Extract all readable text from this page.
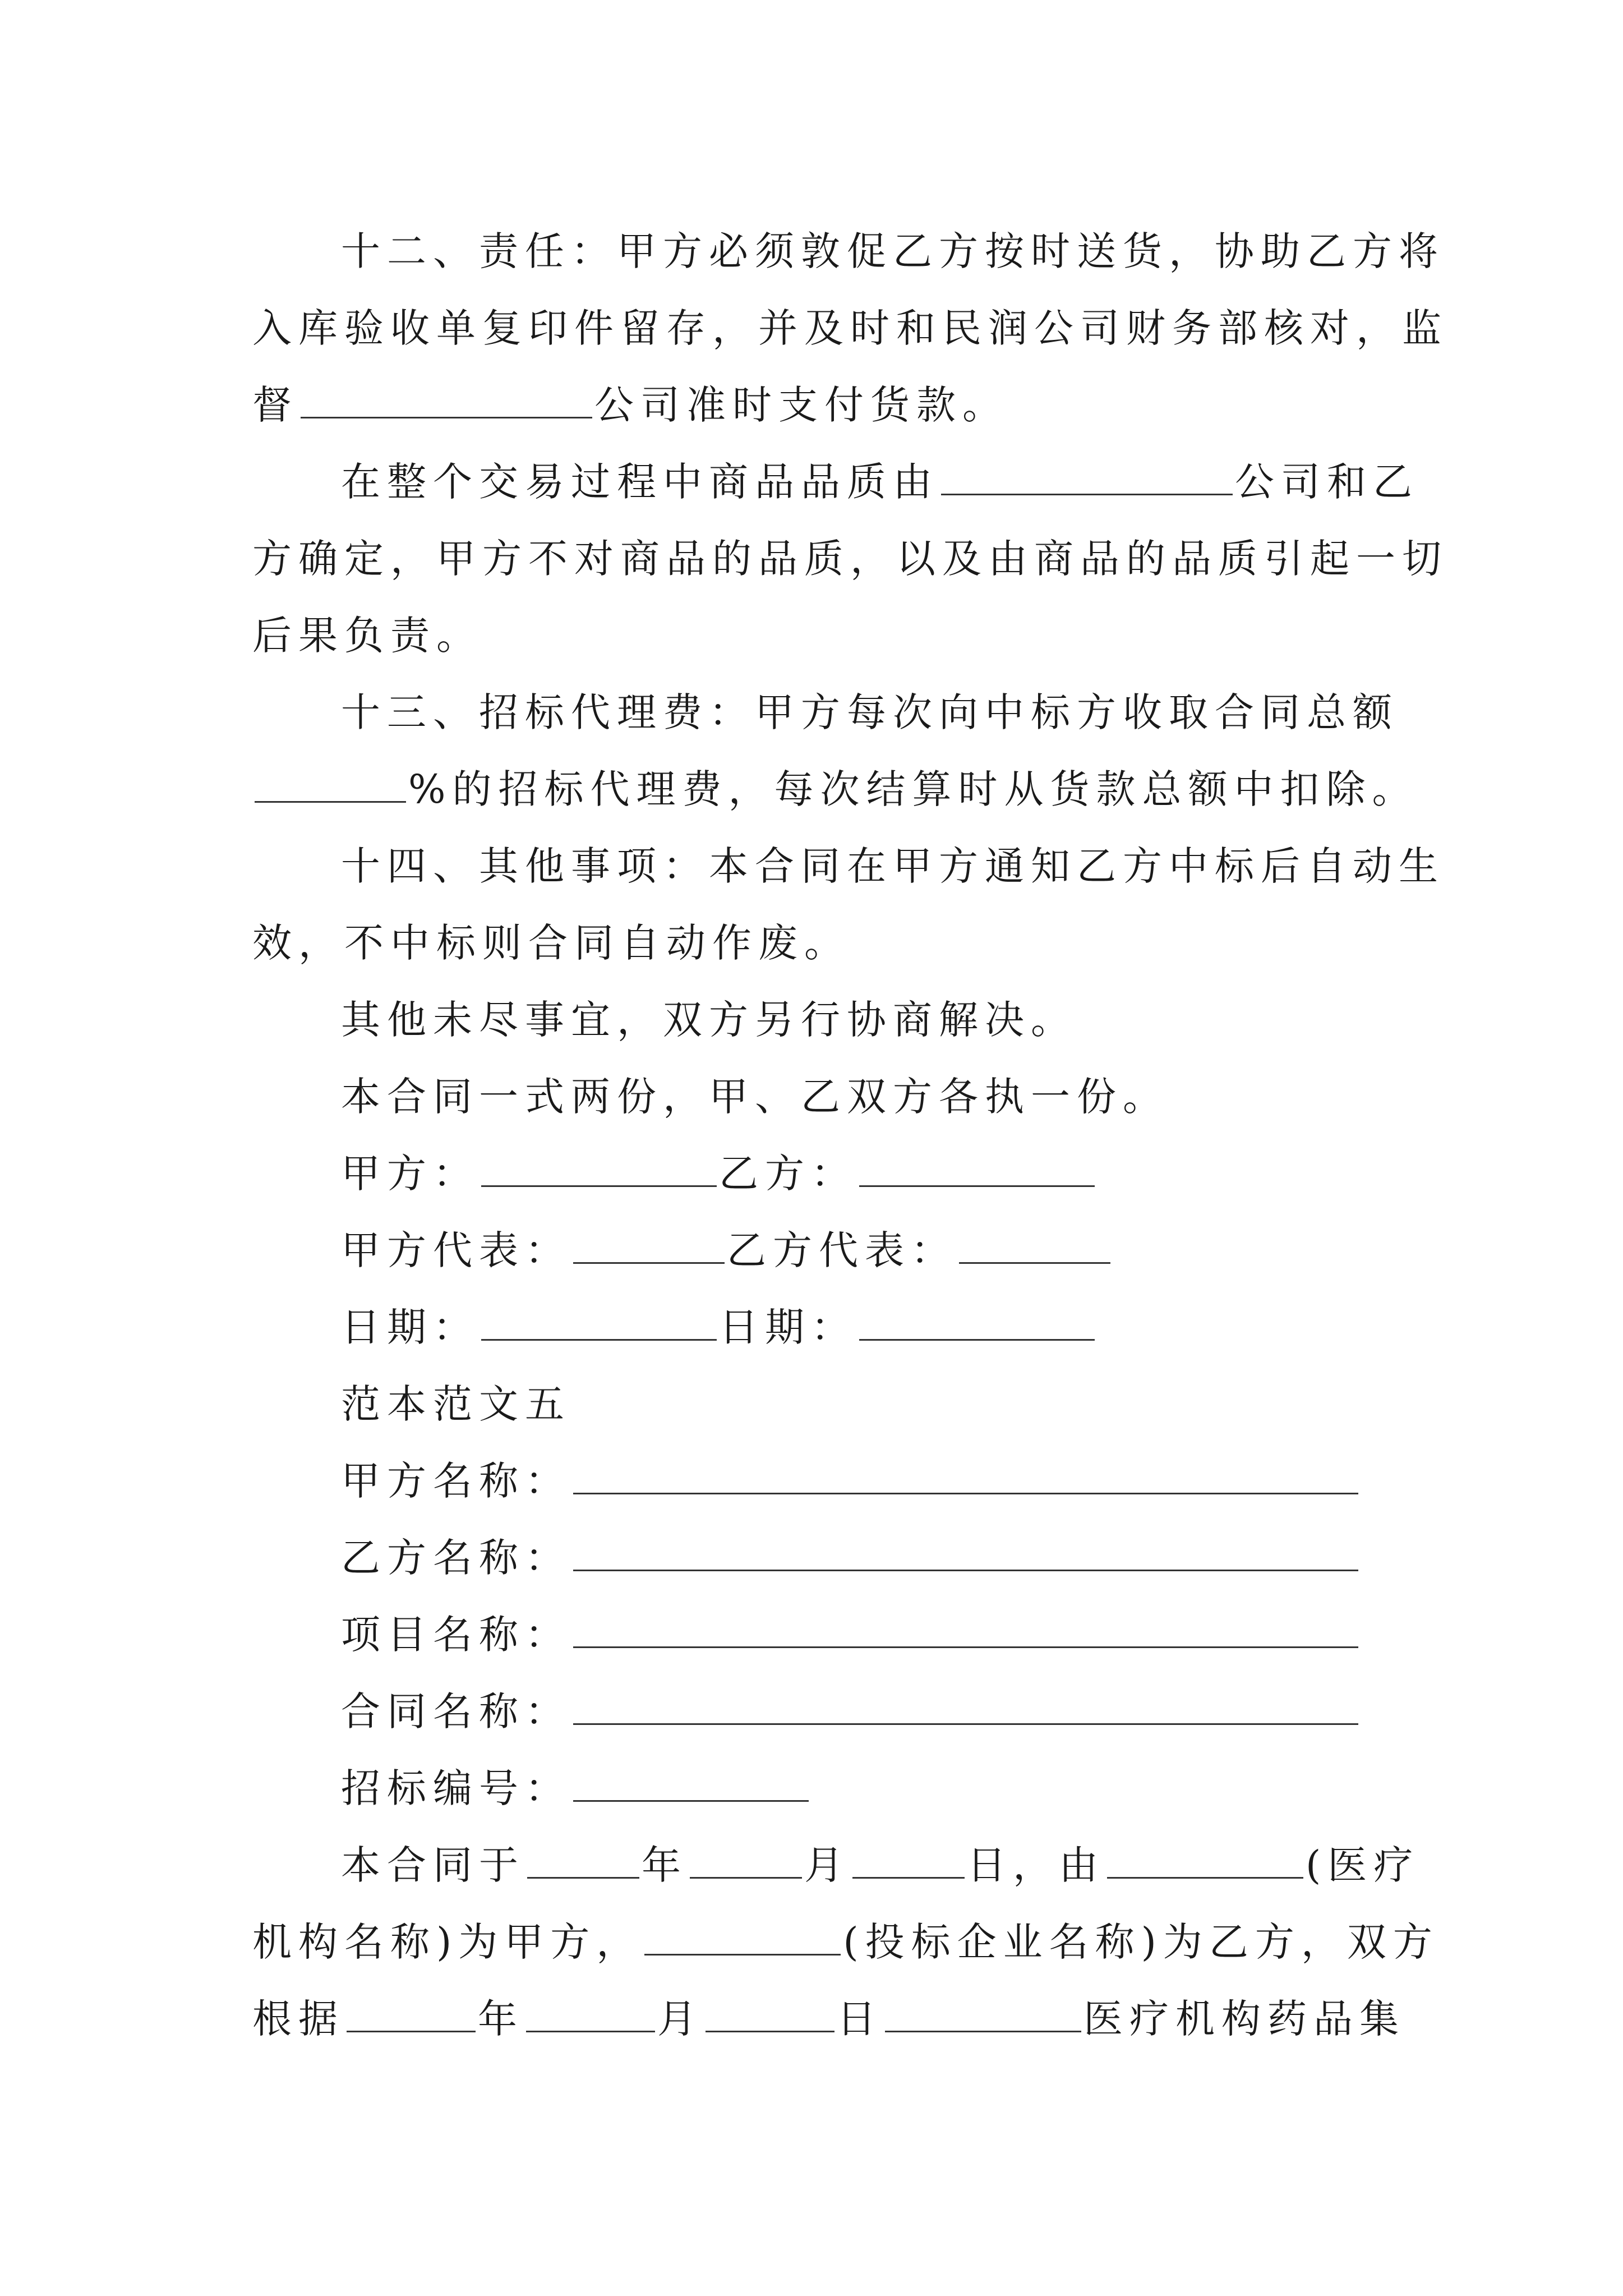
十二、责任：甲方必须敦促乙方按时送货，协助乙方将
入库验收单复印件留存，并及时和民润公司财务部核对，监
督	公司准时支付货款。
在整个交易过程中商品品质由	公司和乙
方确定，甲方不对商品的品质，以及由商品的品质引起一切
后果负责。
十三、招标代理费：甲方每次向中标方收取合同总额
%的招标代理费，每次结算时从货款总额中扣除。
十四、其他事项：本合同在甲方通知乙方中标后自动生
效，不中标则合同自动作废。
其他未尽事宜，双方另行协商解决。
本合同一式两份，甲、乙双方各执一份。
甲方：	乙方：
甲方代表：	乙方代表：
日期：	日期：
范本范文五
甲方名称：
乙方名称：
项目名称：
合同名称：
招标编号：
本合同于	年	月	日，由	(医疗
机构名称)为甲方，	(投标企业名称)为乙方，双方
根据	年	月	日	医疗机构药品集
